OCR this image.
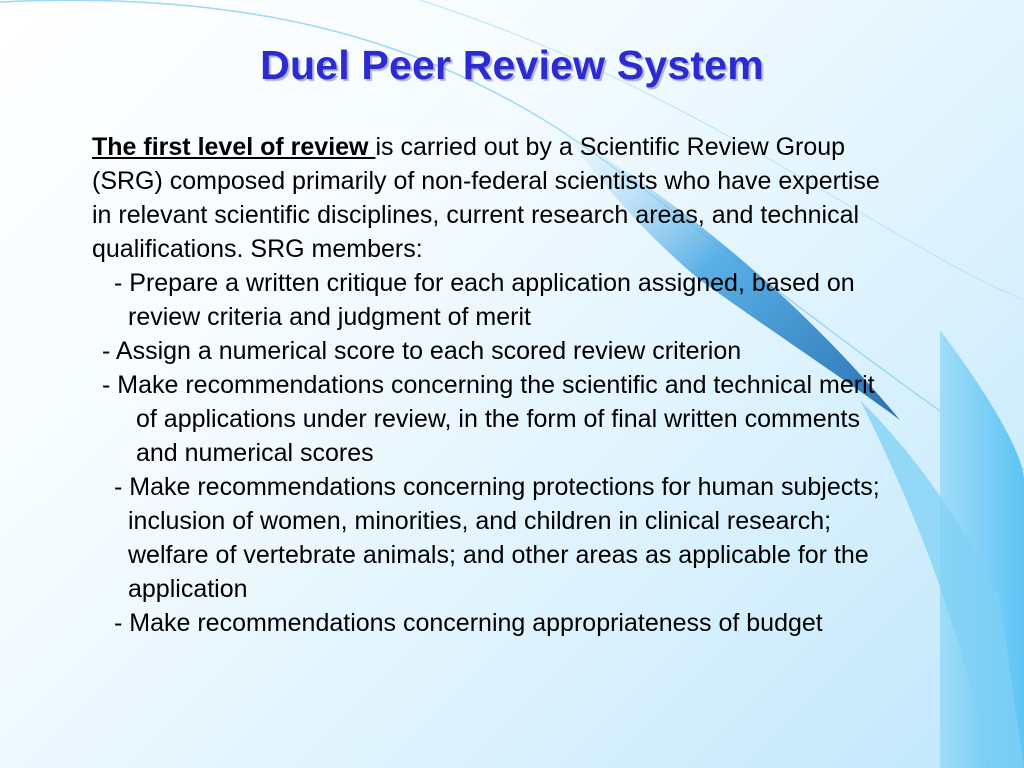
Duel Peer Review System

The first level of review is carried out by a Scientific Review Group

(SRG) composed primarily of non-federal scientists who have expertise

in relevant scientific disciplines, current research areas, and technical

qualifications. SRG members:

- Prepare a written critique for each application assigned, based on

review criteria and judgment of merit

- Assign a numerical score to each scored review criterion

- Make recommendations concerning the scientific and technical merit

of applications under review, in the form of final written comments

and numerical scores

- Make recommendations concerning protections for human subjects;

inclusion of women, minorities, and children in clinical research;

welfare of vertebrate animals; and other areas as applicable for the

application

- Make recommendations concerning appropriateness of budget
